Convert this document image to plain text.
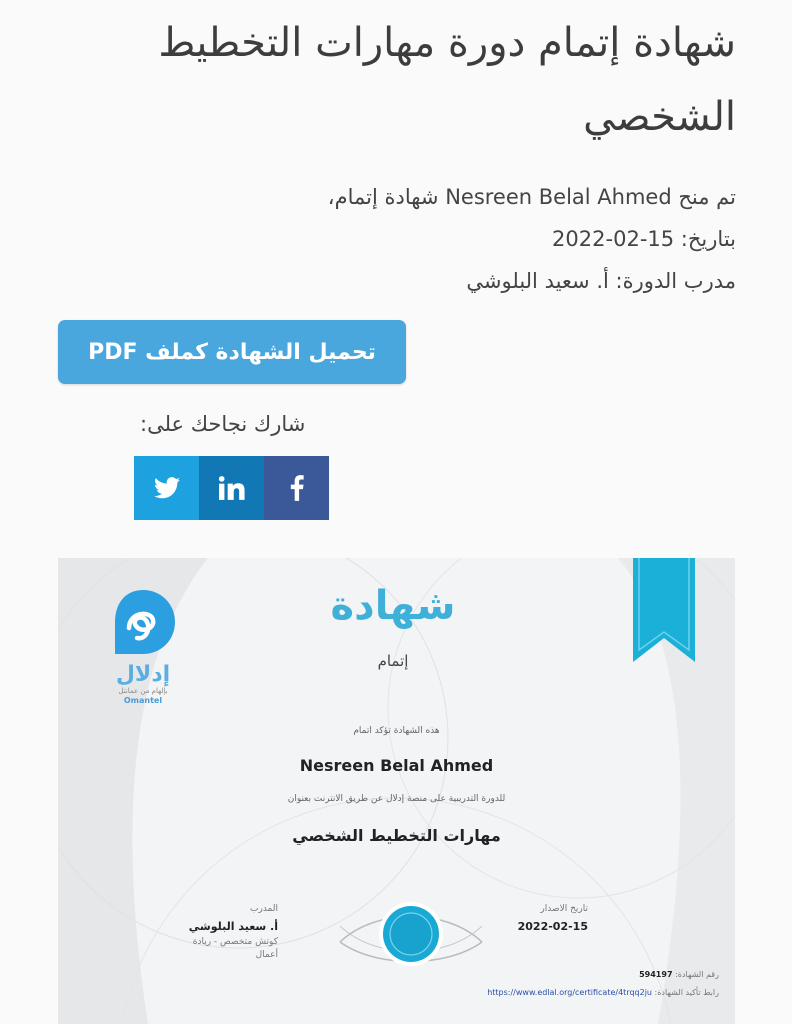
شهادة إتمام دورة مهارات التخطيط الشخصي
تم منح Nesreen Belal Ahmed شهادة إتمام،
بتاريخ: 15-02-2022
مدرب الدورة: أ. سعيد البلوشي
تحميل الشهادة كملف PDF
شارك نجاحك على:
إدلال
بإلهام من عمانتل
Omantel
شهادة
إتمام
هذه الشهادة تؤكد اتمام
Nesreen Belal Ahmed
للدورة التدريبية على منصة إدلال عن طريق الانترنت بعنوان
مهارات التخطيط الشخصي
المدرب
أ. سعيد البلوشي
كوتش متخصص - ريادة أعمال
تاريخ الاصدار
2022-02-15
رقم الشهادة: 594197
رابط تأكيد الشهادة: https://www.edlal.org/certificate/4trqq2ju
